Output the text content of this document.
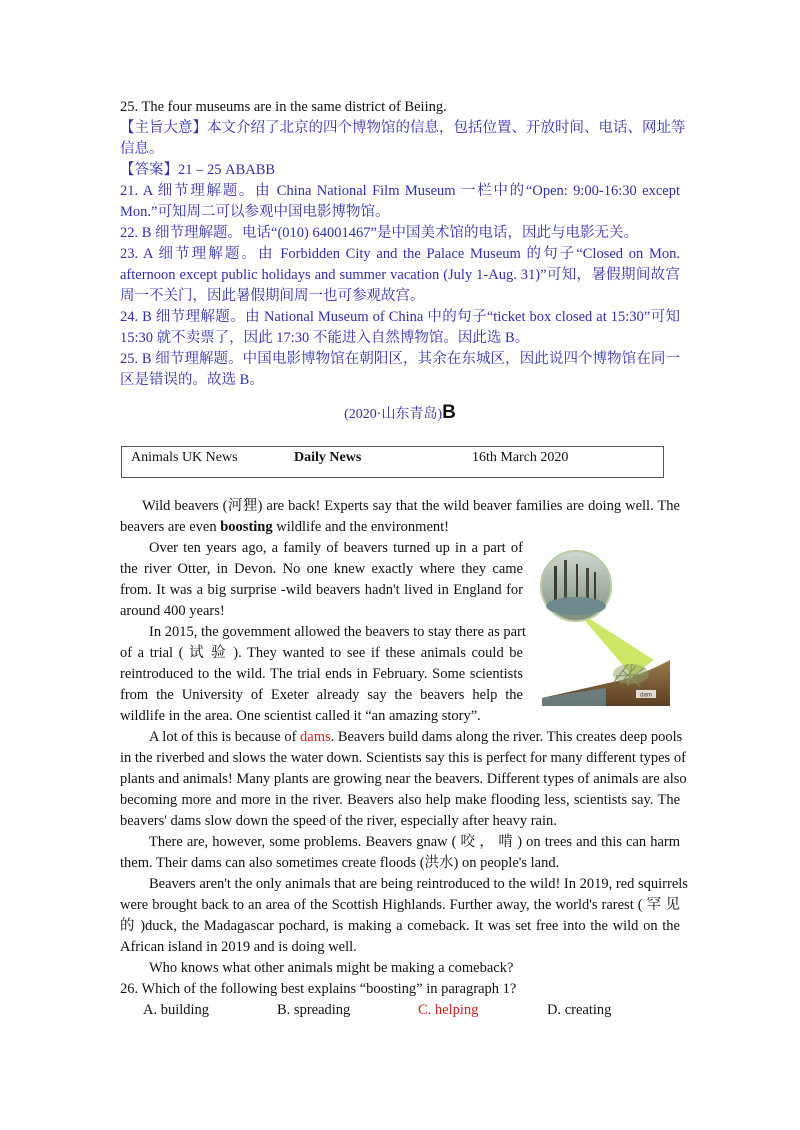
25. The four museums are in the same district of Beiing.
【主旨大意】本文介绍了北京的四个博物馆的信息，包括位置、开放时间、电话、网址等
信息。
【答案】21 – 25 ABABB
21. A 细节理解题。由 China National Film Museum 一栏中的“Open: 9:00-16:30 except
Mon.”可知周二可以参观中国电影博物馆。
22. B 细节理解题。电话“(010) 64001467”是中国美术馆的电话，因此与电影无关。
23. A 细节理解题。由 Forbidden City and the Palace Museum 的句子“Closed on Mon.
afternoon except public holidays and summer vacation (July 1-Aug. 31)”可知，暑假期间故宫
周一不关门，因此暑假期间周一也可参观故宫。
24. B 细节理解题。由 National Museum of China 中的句子“ticket box closed at 15:30”可知
15:30 就不卖票了，因此 17:30 不能进入自然博物馆。因此选 B。
25. B 细节理解题。中国电影博物馆在朝阳区，其余在东城区，因此说四个博物馆在同一
区是错误的。故选 B。
(2020·山东青岛)B
Animals UK News	Daily News	16th March 2020
Wild beavers (河狸) are back! Experts say that the wild beaver families are doing well. The
beavers are even boosting wildlife and the environment!
Over ten years ago, a family of beavers turned up in a part of
the river Otter, in Devon. No one knew exactly where they came
from. It was a big surprise -wild beavers hadn't lived in England for
around 400 years!
In 2015, the govemment allowed the beavers to stay there as part
of a trial ( 试 验 ). They wanted to see if these animals could be
reintroduced to the wild. The trial ends in February. Some scientists
from the University of Exeter already say the beavers help the
wildlife in the area. One scientist called it “an amazing story”.
dam
A lot of this is because of dams. Beavers build dams along the river. This creates deep pools
in the riverbed and slows the water down. Scientists say this is perfect for many different types of
plants and animals! Many plants are growing near the beavers. Different types of animals are also
becoming more and more in the river. Beavers also help make flooding less, scientists say. The
beavers' dams slow down the speed of the river, especially after heavy rain.
There are, however, some problems. Beavers gnaw ( 咬 ， 啃 ) on trees and this can harm
them. Their dams can also sometimes create floods (洪水) on people's land.
Beavers aren't the only animals that are being reintroduced to the wild! In 2019, red squirrels
were brought back to an area of the Scottish Highlands. Further away, the world's rarest ( 罕 见
的 )duck, the Madagascar pochard, is making a comeback. It was set free into the wild on the
African island in 2019 and is doing well.
Who knows what other animals might be making a comeback?
26. Which of the following best explains “boosting” in paragraph 1?
A. building	B. spreading	C. helping	D. creating
